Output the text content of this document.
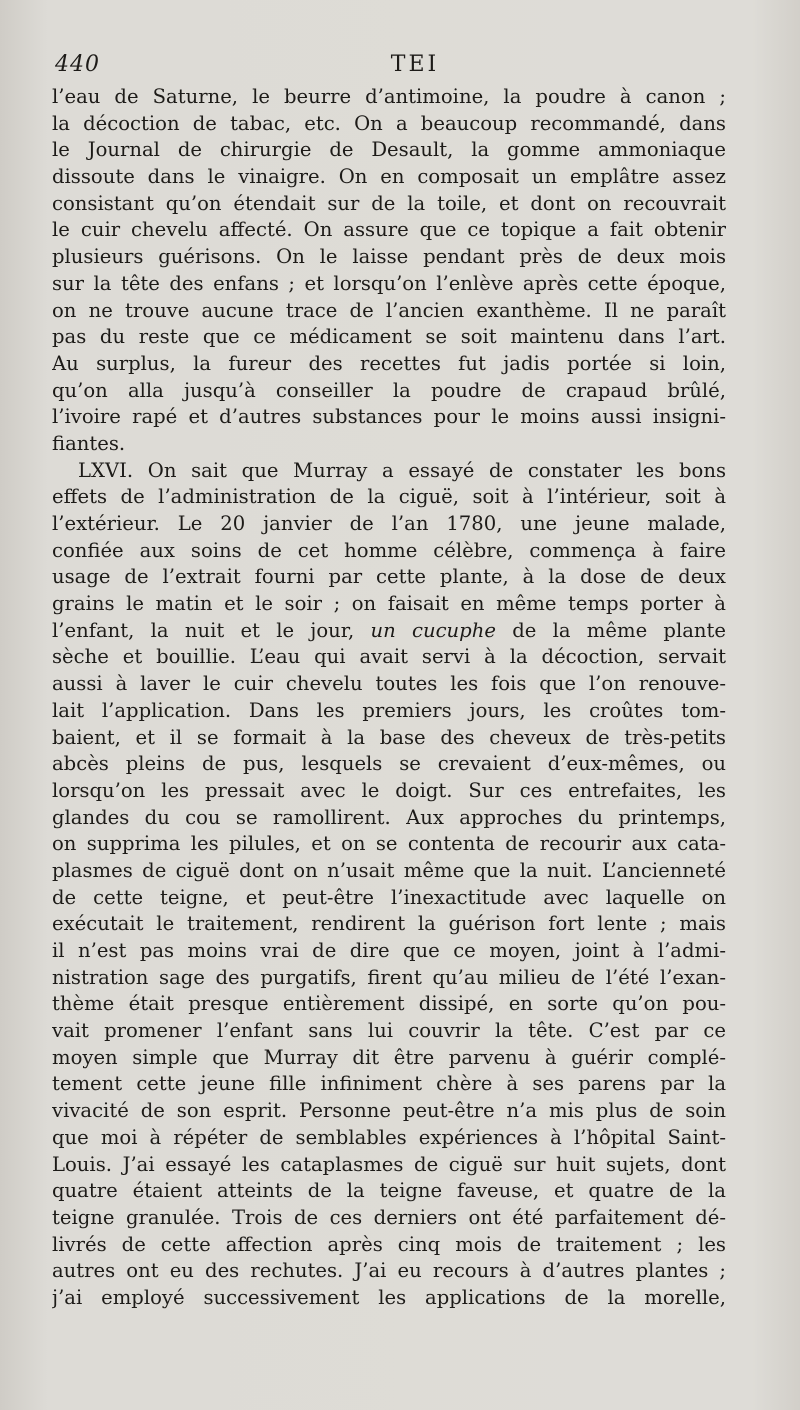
440	TEI
l’eau de Saturne, le beurre d’antimoine, la poudre à canon ;
la décoction de tabac, etc. On a beaucoup recommandé, dans
le Journal de chirurgie de Desault, la gomme ammoniaque
dissoute dans le vinaigre. On en composait un emplâtre assez
consistant qu’on étendait sur de la toile, et dont on recouvrait
le cuir chevelu affecté. On assure que ce topique a fait obtenir
plusieurs guérisons. On le laisse pendant près de deux mois
sur la tête des enfans ; et lorsqu’on l’enlève après cette époque,
on ne trouve aucune trace de l’ancien exanthème. Il ne paraît
pas du reste que ce médicament se soit maintenu dans l’art.
Au surplus, la fureur des recettes fut jadis portée si loin,
qu’on alla jusqu’à conseiller la poudre de crapaud brûlé,
l’ivoire rapé et d’autres substances pour le moins aussi insigni-
fiantes.
LXVI. On sait que Murray a essayé de constater les bons
effets de l’administration de la ciguë, soit à l’intérieur, soit à
l’extérieur. Le 20 janvier de l’an 1780, une jeune malade,
confiée aux soins de cet homme célèbre, commença à faire
usage de l’extrait fourni par cette plante, à la dose de deux
grains le matin et le soir ; on faisait en même temps porter à
l’enfant, la nuit et le jour, un cucuphe de la même plante
sèche et bouillie. L’eau qui avait servi à la décoction, servait
aussi à laver le cuir chevelu toutes les fois que l’on renouve-
lait l’application. Dans les premiers jours, les croûtes tom-
baient, et il se formait à la base des cheveux de très-petits
abcès pleins de pus, lesquels se crevaient d’eux-mêmes, ou
lorsqu’on les pressait avec le doigt. Sur ces entrefaites, les
glandes du cou se ramollirent. Aux approches du printemps,
on supprima les pilules, et on se contenta de recourir aux cata-
plasmes de ciguë dont on n’usait même que la nuit. L’ancienneté
de cette teigne, et peut-être l’inexactitude avec laquelle on
exécutait le traitement, rendirent la guérison fort lente ; mais
il n’est pas moins vrai de dire que ce moyen, joint à l’admi-
nistration sage des purgatifs, firent qu’au milieu de l’été l’exan-
thème était presque entièrement dissipé, en sorte qu’on pou-
vait promener l’enfant sans lui couvrir la tête. C’est par ce
moyen simple que Murray dit être parvenu à guérir complé-
tement cette jeune fille infiniment chère à ses parens par la
vivacité de son esprit. Personne peut-être n’a mis plus de soin
que moi à répéter de semblables expériences à l’hôpital Saint-
Louis. J’ai essayé les cataplasmes de ciguë sur huit sujets, dont
quatre étaient atteints de la teigne faveuse, et quatre de la
teigne granulée. Trois de ces derniers ont été parfaitement dé-
livrés de cette affection après cinq mois de traitement ; les
autres ont eu des rechutes. J’ai eu recours à d’autres plantes ;
j’ai employé successivement les applications de la morelle,
